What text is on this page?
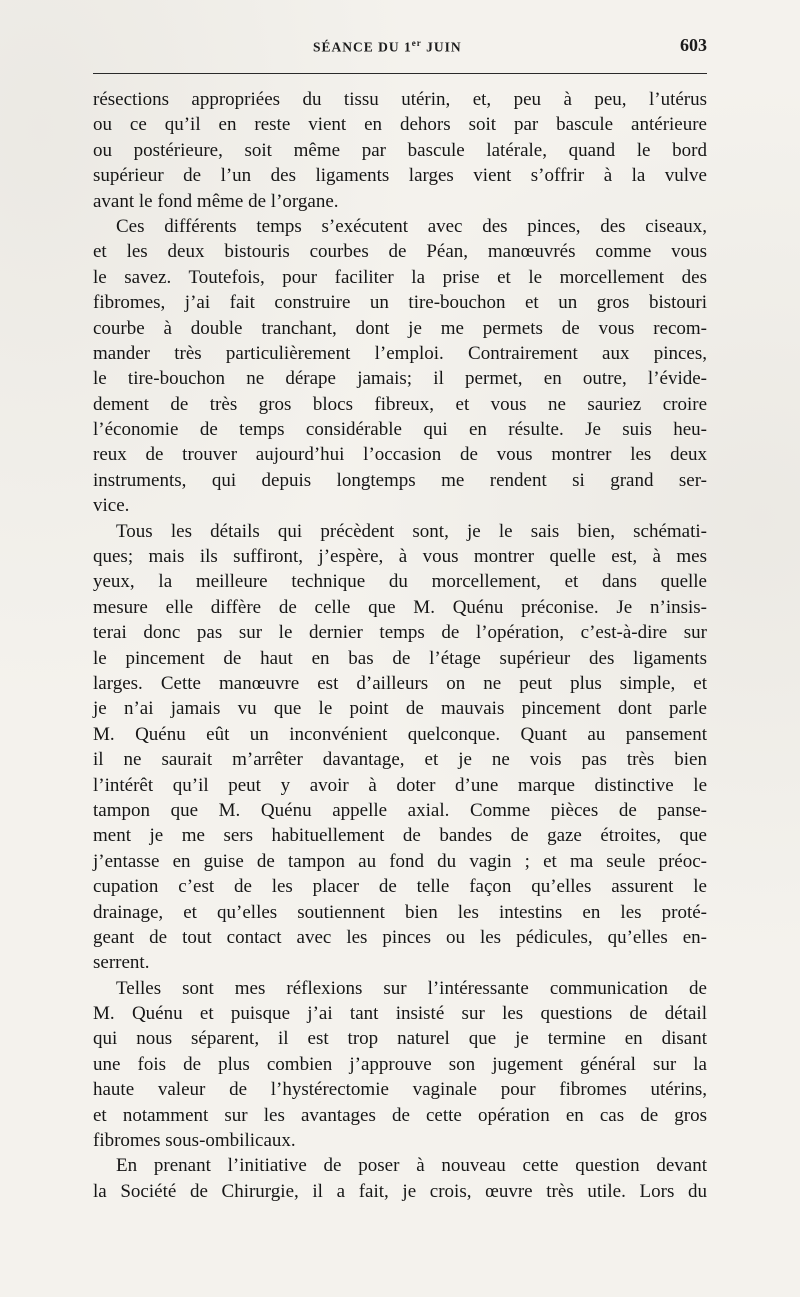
SÉANCE DU 1er JUIN	603
résections appropriées du tissu utérin, et, peu à peu, l’utérus
ou ce qu’il en reste vient en dehors soit par bascule antérieure
ou postérieure, soit même par bascule latérale, quand le bord
supérieur de l’un des ligaments larges vient s’offrir à la vulve
avant le fond même de l’organe.
Ces différents temps s’exécutent avec des pinces, des ciseaux,
et les deux bistouris courbes de Péan, manœuvrés comme vous
le savez. Toutefois, pour faciliter la prise et le morcellement des
fibromes, j’ai fait construire un tire-bouchon et un gros bistouri
courbe à double tranchant, dont je me permets de vous recom-
mander très particulièrement l’emploi. Contrairement aux pinces,
le tire-bouchon ne dérape jamais; il permet, en outre, l’évide-
dement de très gros blocs fibreux, et vous ne sauriez croire
l’économie de temps considérable qui en résulte. Je suis heu-
reux de trouver aujourd’hui l’occasion de vous montrer les deux
instruments, qui depuis longtemps me rendent si grand ser-
vice.
Tous les détails qui précèdent sont, je le sais bien, schémati-
ques; mais ils suffiront, j’espère, à vous montrer quelle est, à mes
yeux, la meilleure technique du morcellement, et dans quelle
mesure elle diffère de celle que M. Quénu préconise. Je n’insis-
terai donc pas sur le dernier temps de l’opération, c’est-à-dire sur
le pincement de haut en bas de l’étage supérieur des ligaments
larges. Cette manœuvre est d’ailleurs on ne peut plus simple, et
je n’ai jamais vu que le point de mauvais pincement dont parle
M. Quénu eût un inconvénient quelconque. Quant au pansement
il ne saurait m’arrêter davantage, et je ne vois pas très bien
l’intérêt qu’il peut y avoir à doter d’une marque distinctive le
tampon que M. Quénu appelle axial. Comme pièces de panse-
ment je me sers habituellement de bandes de gaze étroites, que
j’entasse en guise de tampon au fond du vagin ; et ma seule préoc-
cupation c’est de les placer de telle façon qu’elles assurent le
drainage, et qu’elles soutiennent bien les intestins en les proté-
geant de tout contact avec les pinces ou les pédicules, qu’elles en-
serrent.
Telles sont mes réflexions sur l’intéressante communication de
M. Quénu et puisque j’ai tant insisté sur les questions de détail
qui nous séparent, il est trop naturel que je termine en disant
une fois de plus combien j’approuve son jugement général sur la
haute valeur de l’hystérectomie vaginale pour fibromes utérins,
et notamment sur les avantages de cette opération en cas de gros
fibromes sous-ombilicaux.
En prenant l’initiative de poser à nouveau cette question devant
la Société de Chirurgie, il a fait, je crois, œuvre très utile. Lors du
